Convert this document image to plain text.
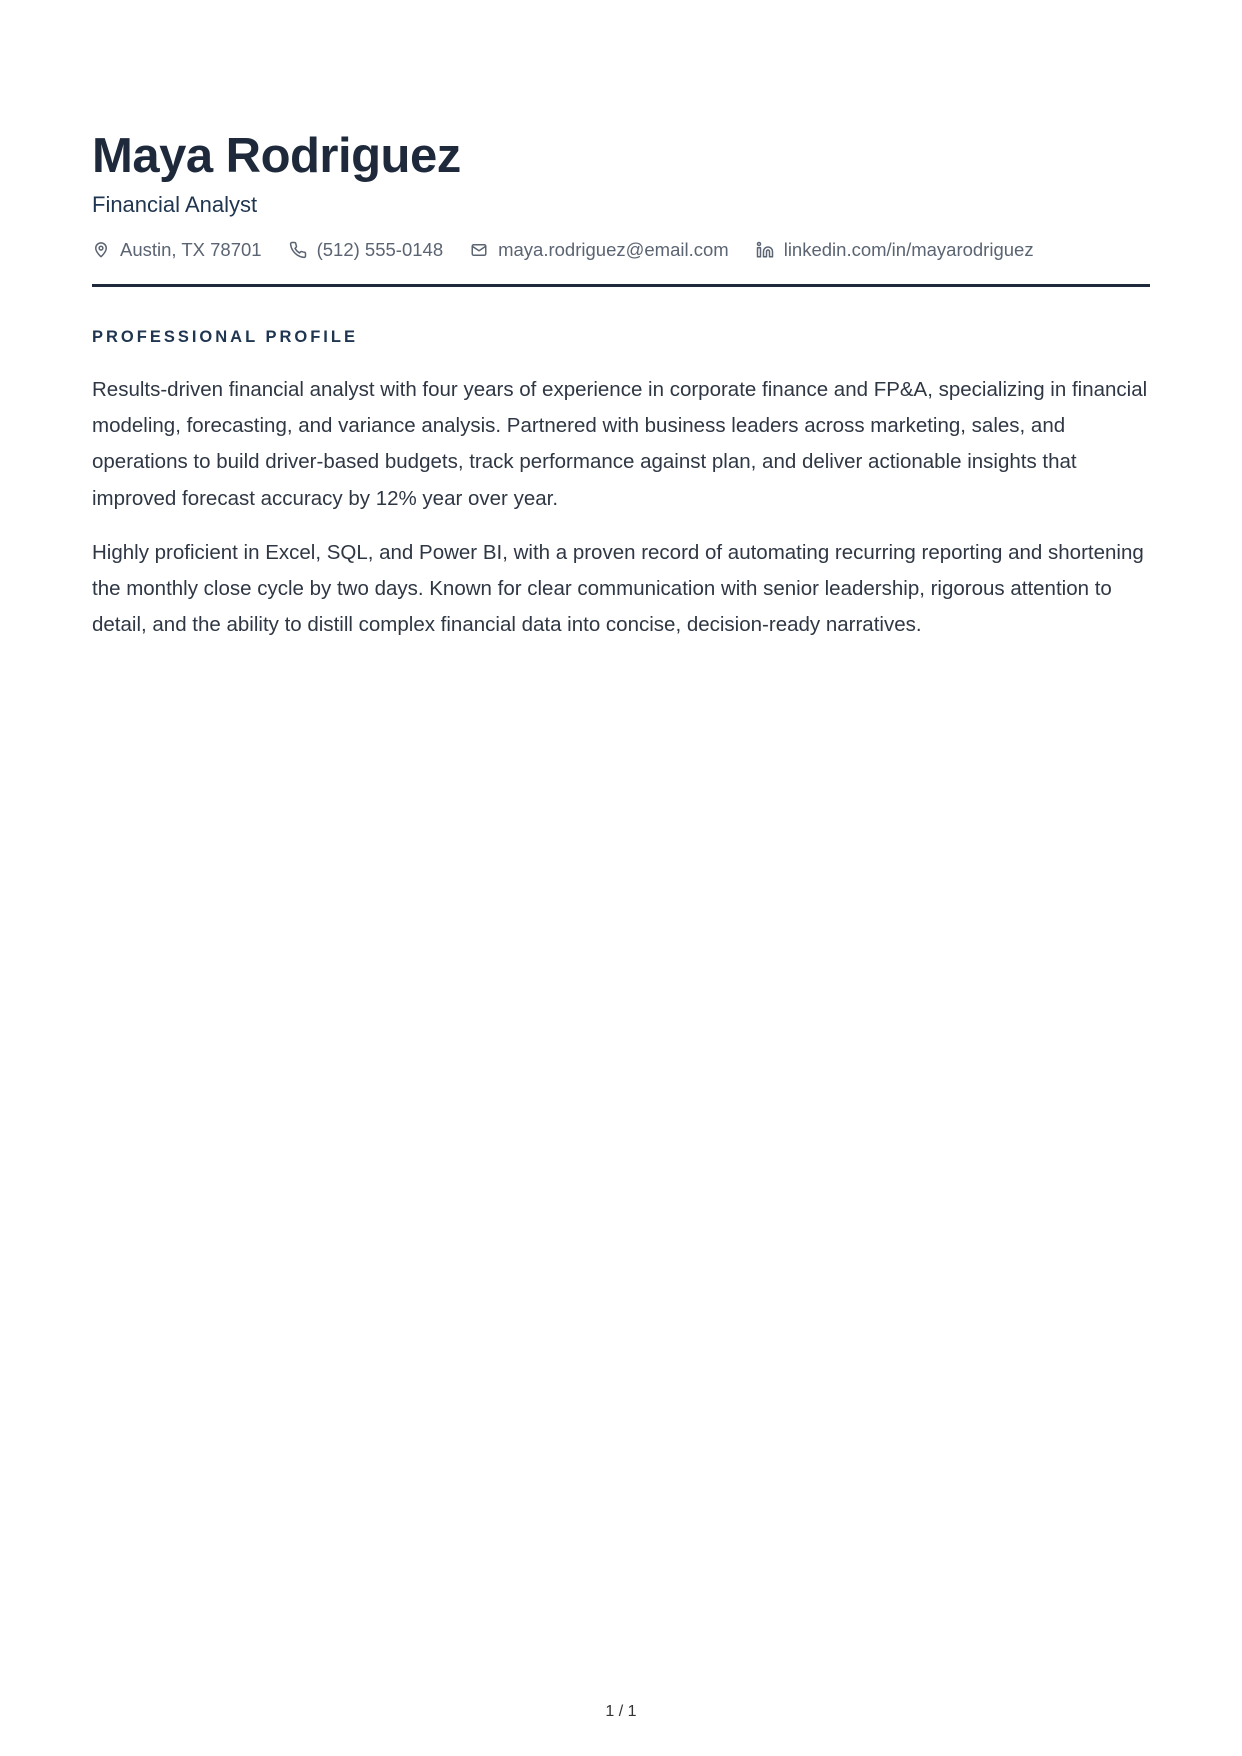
Maya Rodriguez
Financial Analyst
Austin, TX 78701	(512) 555-0148	maya.rodriguez@email.com	linkedin.com/in/mayarodriguez
PROFESSIONAL PROFILE

Results-driven financial analyst with four years of experience in corporate finance and FP&A, specializing in financial modeling, forecasting, and variance analysis. Partnered with business leaders across marketing, sales, and operations to build driver-based budgets, track performance against plan, and deliver actionable insights that improved forecast accuracy by 12% year over year.

Highly proficient in Excel, SQL, and Power BI, with a proven record of automating recurring reporting and shortening the monthly close cycle by two days. Known for clear communication with senior leadership, rigorous attention to detail, and the ability to distill complex financial data into concise, decision-ready narratives.

1 / 1
